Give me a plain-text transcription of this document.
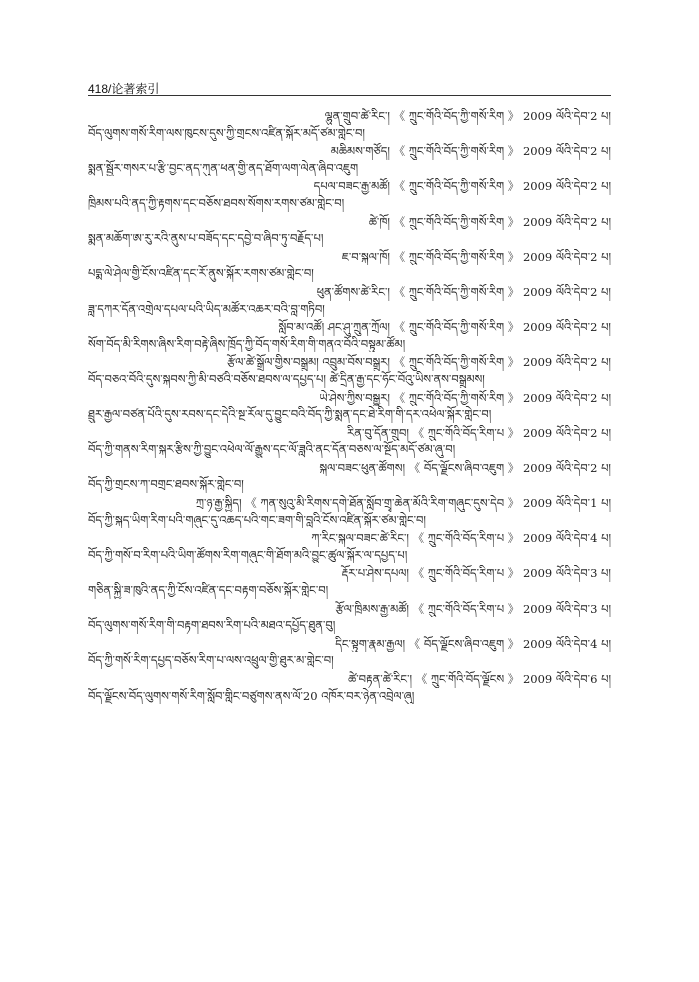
418/论著索引
ལྷུན་གྲུབ་ཚེ་རིང་། 《 ཀྲུང་གོའི་བོད་ཀྱི་གསོ་རིག 》 2009 ལོའི་དེབ་2 པ།
བོད་ལུགས་གསོ་རིག་ལས་ཁུངས་དུས་ཀྱི་གྲངས་འཛིན་སྐོར་མདོ་ཙམ་གླེང་བ།
མཆིམས་གཙོད། 《 ཀྲུང་གོའི་བོད་ཀྱི་གསོ་རིག 》 2009 ལོའི་དེབ་2 པ།
སྨན་སྦྱོར་གསར་པ་རྩི་བྱང་ནད་ཀུན་ཕན་གྱི་ནད་ཐོག་ལག་ལེན་ཞིབ་འཇུག
དཔལ་བཟང་རྒྱ་མཚོ། 《 ཀྲུང་གོའི་བོད་ཀྱི་གསོ་རིག 》 2009 ལོའི་དེབ་2 པ།
ཁྲིམས་པའི་ནད་ཀྱི་རྟགས་དང་བཅོས་ཐབས་སོགས་རགས་ཙམ་གླེང་བ།
ཚེ་ཁོ། 《 ཀྲུང་གོའི་བོད་ཀྱི་གསོ་རིག 》 2009 ལོའི་དེབ་2 པ།
སྨན་མཆོག་ཨ་རུ་རའི་ནུས་པ་བཟོད་དང་དབྱེ་བ་ཞིབ་ཏུ་བརྗོད་པ།
ཇ་བ་སྐལ་ཁོ། 《 ཀྲུང་གོའི་བོད་ཀྱི་གསོ་རིག 》 2009 ལོའི་དེབ་2 པ།
པདྨ་ལེ་ཤེལ་གྱི་ངོས་འཛིན་དང་རོ་ནུས་སྐོར་རགས་ཙམ་གླེང་བ།
ཕུན་ཚོགས་ཚེ་རིང་། 《 ཀྲུང་གོའི་བོད་ཀྱི་གསོ་རིག 》 2009 ལོའི་དེབ་2 པ།
ཟླ་དཀར་དོན་འགྲེལ་དཔལ་པའི་ཡིད་མཚོར་འཆར་བའི་བླ་གཏིབ།
སློབ་མ་འཚོ། ཤང་ཤུ་ཀྲུན་ཀྲོལ། 《 ཀྲུང་གོའི་བོད་ཀྱི་གསོ་རིག 》 2009 ལོའི་དེབ་2 པ།
སོག་བོད་མི་རིགས་ཞིས་རིག་བརྟེ་ཞིས་ཁྲོད་ཀྱི་བོད་གསོ་རིག་གི་གནའ་བོའི་བསྟུམ་ཚོམ།
རྩོལ་ཚེ་སྒྲོལ་གྱིས་བསྒྲུམ། འབྲུམ་བོས་བསྒྲུར། 《 ཀྲུང་གོའི་བོད་ཀྱི་གསོ་རིག 》 2009 ལོའི་དེབ་2 པ།
བོད་བཅའ་བོའི་དུས་སྐབས་ཀྱི་མི་བཙའི་བཅོས་ཐབས་ལ་དཔྱད་པ། ཚེ་དྲིན་རྒྱ་དང་ཧོང་བོའུ་ཡིས་ནས་བསྒྲུམས།
ཡེ་ཤེས་ཀྱིས་བསྒྱུར། 《 ཀྲུང་གོའི་བོད་ཀྱི་གསོ་རིག 》 2009 ལོའི་དེབ་2 པ།
ཐྲུར་རྒྱལ་བཙན་པོའི་དུས་རབས་དང་དེའི་སྔ་རོལ་དུ་བྱུང་བའི་བོད་ཀྱི་སྨན་དང་ཐེ་རིག་གི་དར་འཕེལ་སྐོར་གླེང་བ།
རིན་བུ་དོན་གྲུབ། 《 ཀྲུང་གོའི་བོད་རིག་པ 》 2009 ལོའི་དེབ་2 པ།
བོད་ཀྱི་གནས་རིག་སྐར་རྩིས་ཀྱི་བྱུང་འཕེལ་ལོ་རྒྱུས་དང་ལོ་ཟླའི་ནང་དོན་བཅས་ལ་སྔོད་མདོ་ཙམ་ཞུ་བ།
སྐལ་བཟང་ཕུན་ཚོགས། 《 བོད་ལྗོངས་ཞིབ་འཇུག 》 2009 ལོའི་དེབ་2 པ།
བོད་ཀྱི་གྲངས་ཀ་བགྲང་ཐབས་སྐོར་གླེང་བ།
ཀྲ་ཉ་རྒྱ་སྐྱིད། 《 ཀན་སུའུ་མི་རིགས་དགེ་ཐོན་སློབ་གྲྭ་ཆེན་མོའི་རིག་གཞུང་དུས་དེབ 》 2009 ལོའི་དེབ་1 པ།
བོད་ཀྱི་སྐད་ཡིག་རིག་པའི་གཞུང་དུ་འཆད་པའི་གང་ཟག་གི་བླའི་ངོས་འཛིན་སྐོར་ཙམ་གླེང་བ།
ཀ་རིང་སྐལ་བཟང་ཚེ་རིང་། 《 ཀྲུང་གོའི་བོད་རིག་པ 》 2009 ལོའི་དེབ་4 པ།
བོད་ཀྱི་གསོ་བ་རིག་པའི་ཡིག་ཚོགས་རིག་གཞུང་གི་ཐོག་མའི་བྱུང་ཚུལ་སྐོར་ལ་དཔྱད་པ།
རྡོར་པ་ཤེས་དཔལ། 《 ཀྲུང་གོའི་བོད་རིག་པ 》 2009 ལོའི་དེབ་3 པ།
གཅིན་སྐྱི་ཟ་ཁུའི་ནད་ཀྱི་ངོས་འཛིན་དང་བརྟག་བཅོས་སྐོར་གླེང་བ།
རྩོལ་ཁྲིམས་རྒྱ་མཚོ། 《 ཀྲུང་གོའི་བོད་རིག་པ 》 2009 ལོའི་དེབ་3 པ།
བོད་ལུགས་གསོ་རིག་གི་བརྟག་ཐབས་རིག་པའི་མཐའ་དཔྱོད་ཐུན་བུ།
དིང་སྟུག་རྣམ་རྒྱལ། 《 བོད་ལྗོངས་ཞིབ་འཇུག 》 2009 ལོའི་དེབ་4 པ།
བོད་ཀྱི་གསོ་རིག་དཔྱད་བཅོས་རིག་པ་ལས་འཕྲུལ་གྱི་ཐུར་མ་གླེང་བ།
ཚེ་བརྟན་ཚེ་རིང་། 《 ཀྲུང་གོའི་བོད་ལྗོངས 》 2009 ལོའི་དེབ་6 པ།
བོད་ལྗོངས་བོད་ལུགས་གསོ་རིག་སློབ་གླིང་བཙུགས་ནས་ལོ་20 འཁོར་བར་ཉེན་འབྲེལ་ཞུ།
